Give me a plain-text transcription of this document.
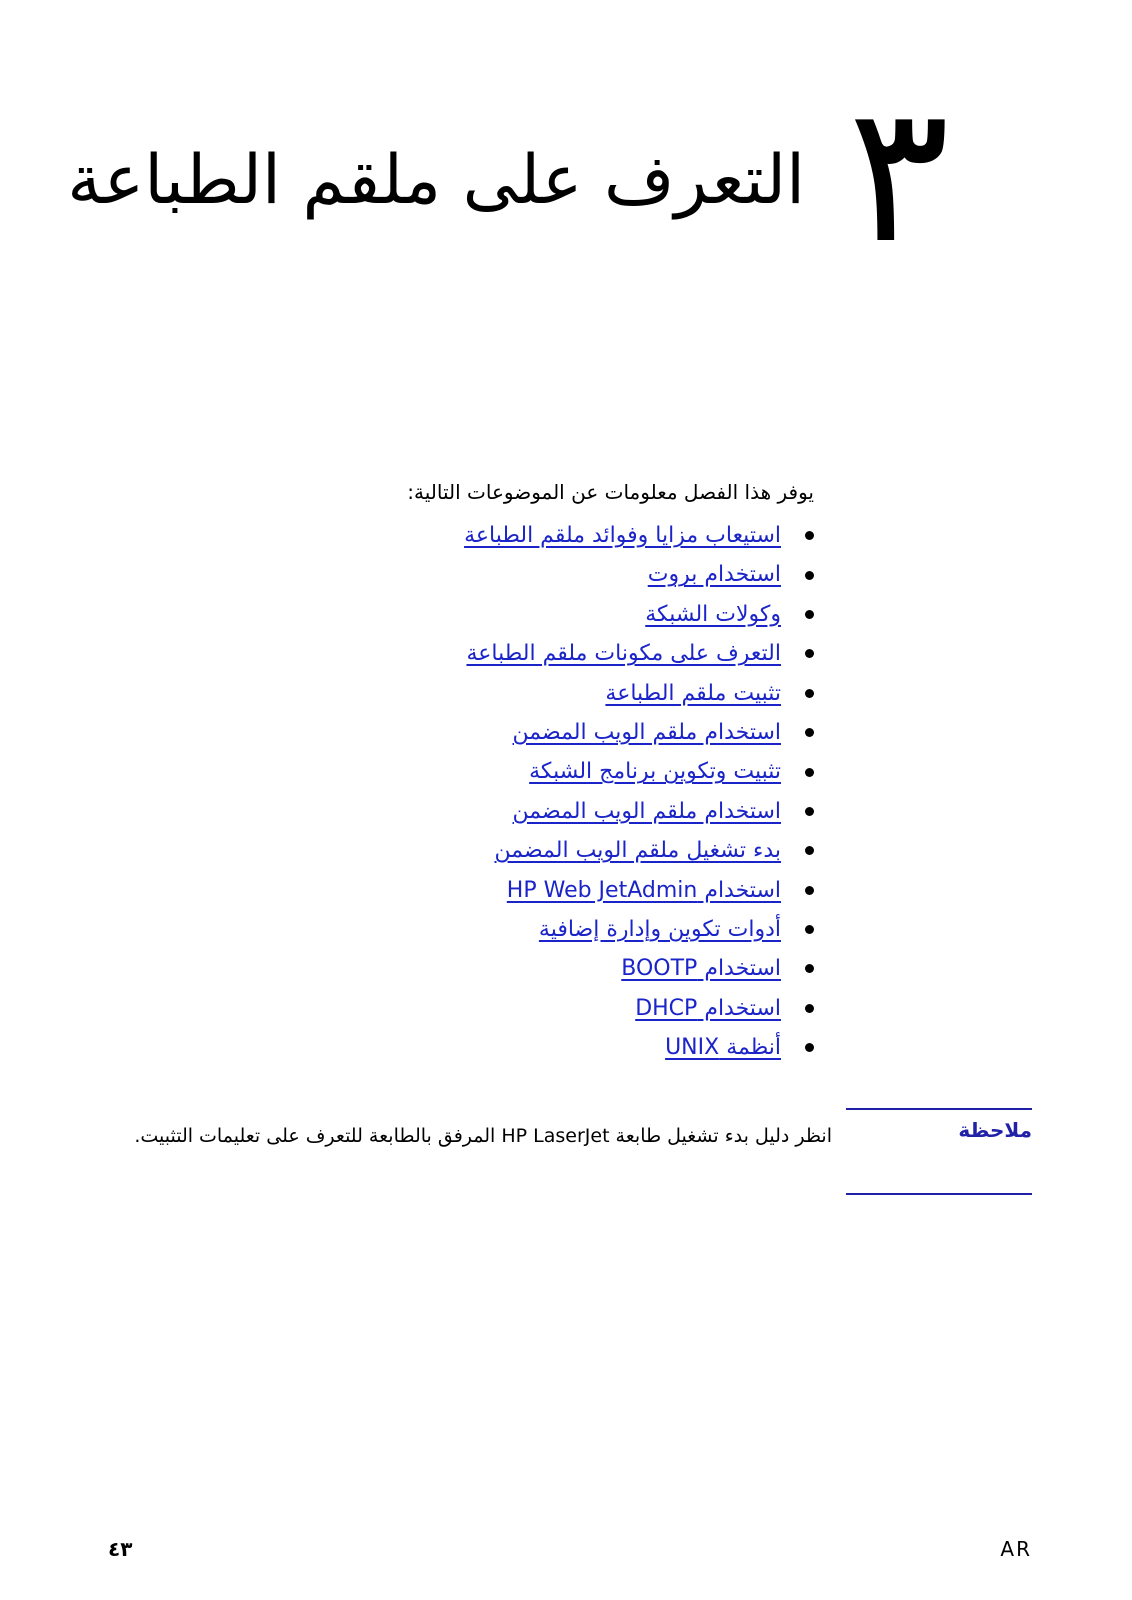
٣
التعرف على ملقم الطباعة
يوفر هذا الفصل معلومات عن الموضوعات التالية:
استيعاب مزايا وفوائد ملقم الطباعة
استخدام بروت
وكولات الشبكة
التعرف على مكونات ملقم الطباعة
تثبيت ملقم الطباعة
استخدام ملقم الويب المضمن
تثبيت وتكوين برنامج الشبكة
استخدام ملقم الويب المضمن
بدء تشغيل ملقم الويب المضمن
استخدام HP Web JetAdmin
أدوات تكوين وإدارة إضافية
استخدام BOOTP
استخدام DHCP
أنظمة UNIX
ملاحظة
انظر دليل بدء تشغيل طابعة HP LaserJet المرفق بالطابعة للتعرف على تعليمات التثبيت.
٤٣	AR
